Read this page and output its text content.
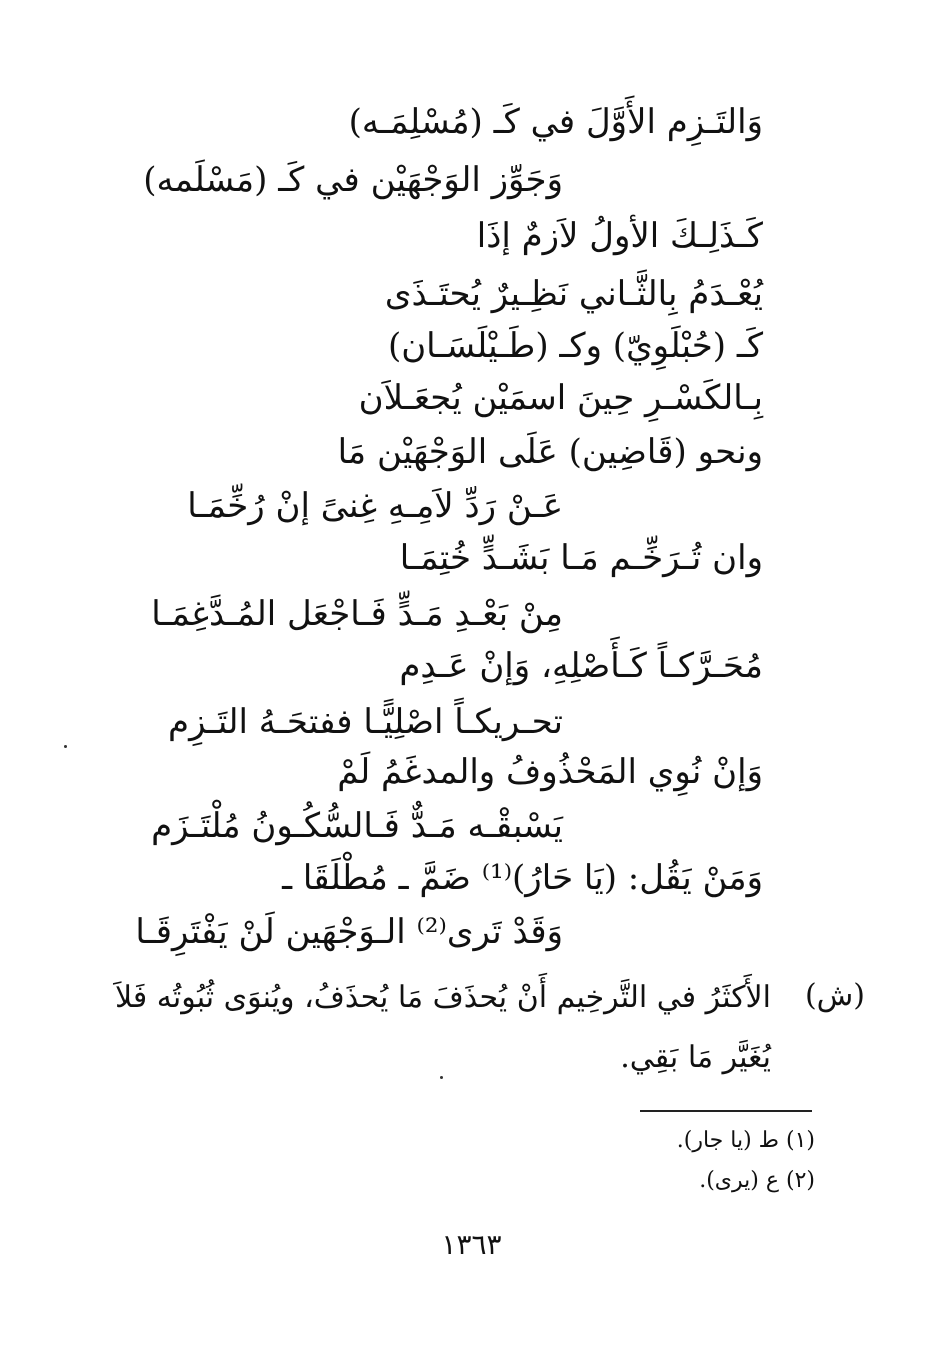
وَالتَـزِم الأَوَّلَ في كَـ (مُسْلِمَـه)
وَجَوِّز الوَجْهَيْن في كَـ (مَسْلَمه)
كَـذَلِـكَ الأولُ لاَزمٌ إذَا
يُعْـدَمُ بِالثَّـاني نَظِـيرٌ يُحتَـذَى
كَـ (حُبْلَوِيّ) وكـ (طَـيْلَسَـان)
بِـالكَسْـرِ حِينَ اسمَيْن يُجعَـلاَن
ونحو (قَاضِين) عَلَى الوَجْهَيْن مَا
عَـنْ رَدِّ لاَمِـهِ غِنىً إنْ رُخِّمَـا
وان تُـرَخِّـم مَـا بَشَـدٍّ خُتِمَـا
مِنْ بَعْـدِ مَـدٍّ فَـاجْعَل المُـدَّغِمَـا
مُحَـرَّكـاً كَـأَصْلِهِ، وَإنْ عَـدِم
تحـريكـاً اصْلِيًّـا ففتحَـهُ التَـزِم
وَإنْ نُوِي المَحْذُوفُ والمدغَمُ لَمْ
يَسْبقْـه مَـدٌّ فَـالسُّكُـونُ مُلْتَـزَم
وَمَنْ يَقُل: (يَا حَارُ)⁽¹⁾ ضَمَّ ـ مُطْلَقَا ـ
وَقَدْ تَرى⁽²⁾ الـوَجْهَين لَنْ يَفْتَرِقَـا
(ش)
الأَكثَرُ في التَّرخِيم أَنْ يُحذَفَ مَا يُحذَفُ، ويُنوَى ثُبُوتُه فَلاَ
يُغَيَّر مَا بَقِي.
(١) ط (يا جار).
(٢) ع (يرى).
١٣٦٣
